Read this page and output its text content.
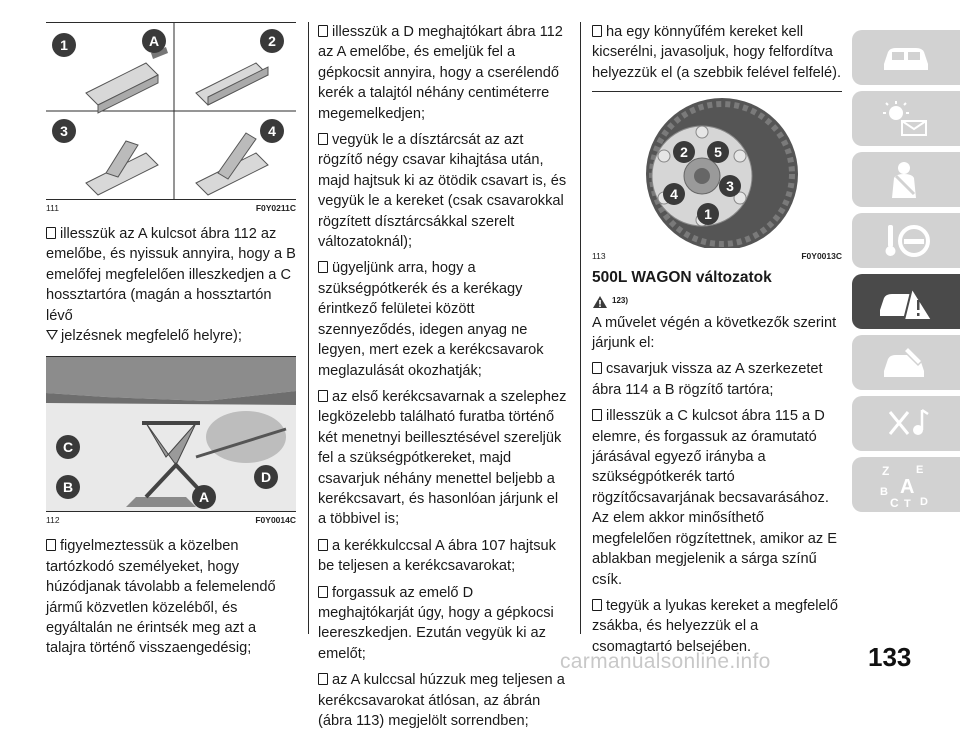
1	A	2
3	4
111	F0Y0211C

illesszük az A kulcsot ábra 112 az emelőbe, és nyissuk annyira, hogy a B emelőfej megfelelően illeszkedjen a C hossztartóra (magán a hossztartón lévő
jelzésnek megfelelő helyre);

C
B
A
D
112	F0Y0014C

figyelmeztessük a közelben tartózkodó személyeket, hogy húzódjanak távolabb a felemelendő jármű közvetlen közeléből, és egyáltalán ne érintsék meg azt a talajra történő visszaengedésig;

illesszük a D meghajtókart ábra 112 az A emelőbe, és emeljük fel a gépkocsit annyira, hogy a cserélendő kerék a talajtól néhány centiméterre megemelkedjen;

vegyük le a dísztárcsát az azt rögzítő négy csavar kihajtása után, majd hajtsuk ki az ötödik csavart is, és vegyük le a kereket (csak csavarokkal rögzített dísztárcsákkal szerelt változatoknál);

ügyeljünk arra, hogy a szükségpótkerék és a kerékagy érintkező felületei között szennyeződés, idegen anyag ne legyen, mert ezek a kerékcsavarok meglazulását okozhatják;

az első kerékcsavarnak a szelephez legközelebb található furatba történő két menetnyi beillesztésével szereljük fel a szükségpótkereket, majd csavarjuk néhány menettel beljebb a kerékcsavart, és hasonlóan járjunk el a többivel is;

a kerékkulccsal A ábra 107 hajtsuk be teljesen a kerékcsavarokat;

forgassuk az emelő D meghajtókarját úgy, hogy a gépkocsi leereszkedjen. Ezután vegyük ki az emelőt;

az A kulccsal húzzuk meg teljesen a kerékcsavarokat átlósan, az ábrán (ábra 113) megjelölt sorrendben;

ha egy könnyűfém kereket kell kicserélni, javasoljuk, hogy felfordítva helyezzük el (a szebbik felével felfelé).

2 5
3
4
1
113	F0Y0013C
500L WAGON változatok
123)

A művelet végén a következők szerint járjunk el:

csavarjuk vissza az A szerkezetet ábra 114 a B rögzítő tartóra;

illesszük a C kulcsot ábra 115 a D elemre, és forgassuk az óramutató járásával egyező irányba a szükségpótkerék tartó rögzítőcsavarjának becsavarásához. Az elem akkor minősíthető megfelelően rögzítettnek, amikor az E ablakban megjelenik a sárga színű csík.

tegyük a lyukas kereket a megfelelő zsákba, és helyezzük el a csomagtartó belsejében.

Z E
B A
C T D
133
carmanualsonline.info
